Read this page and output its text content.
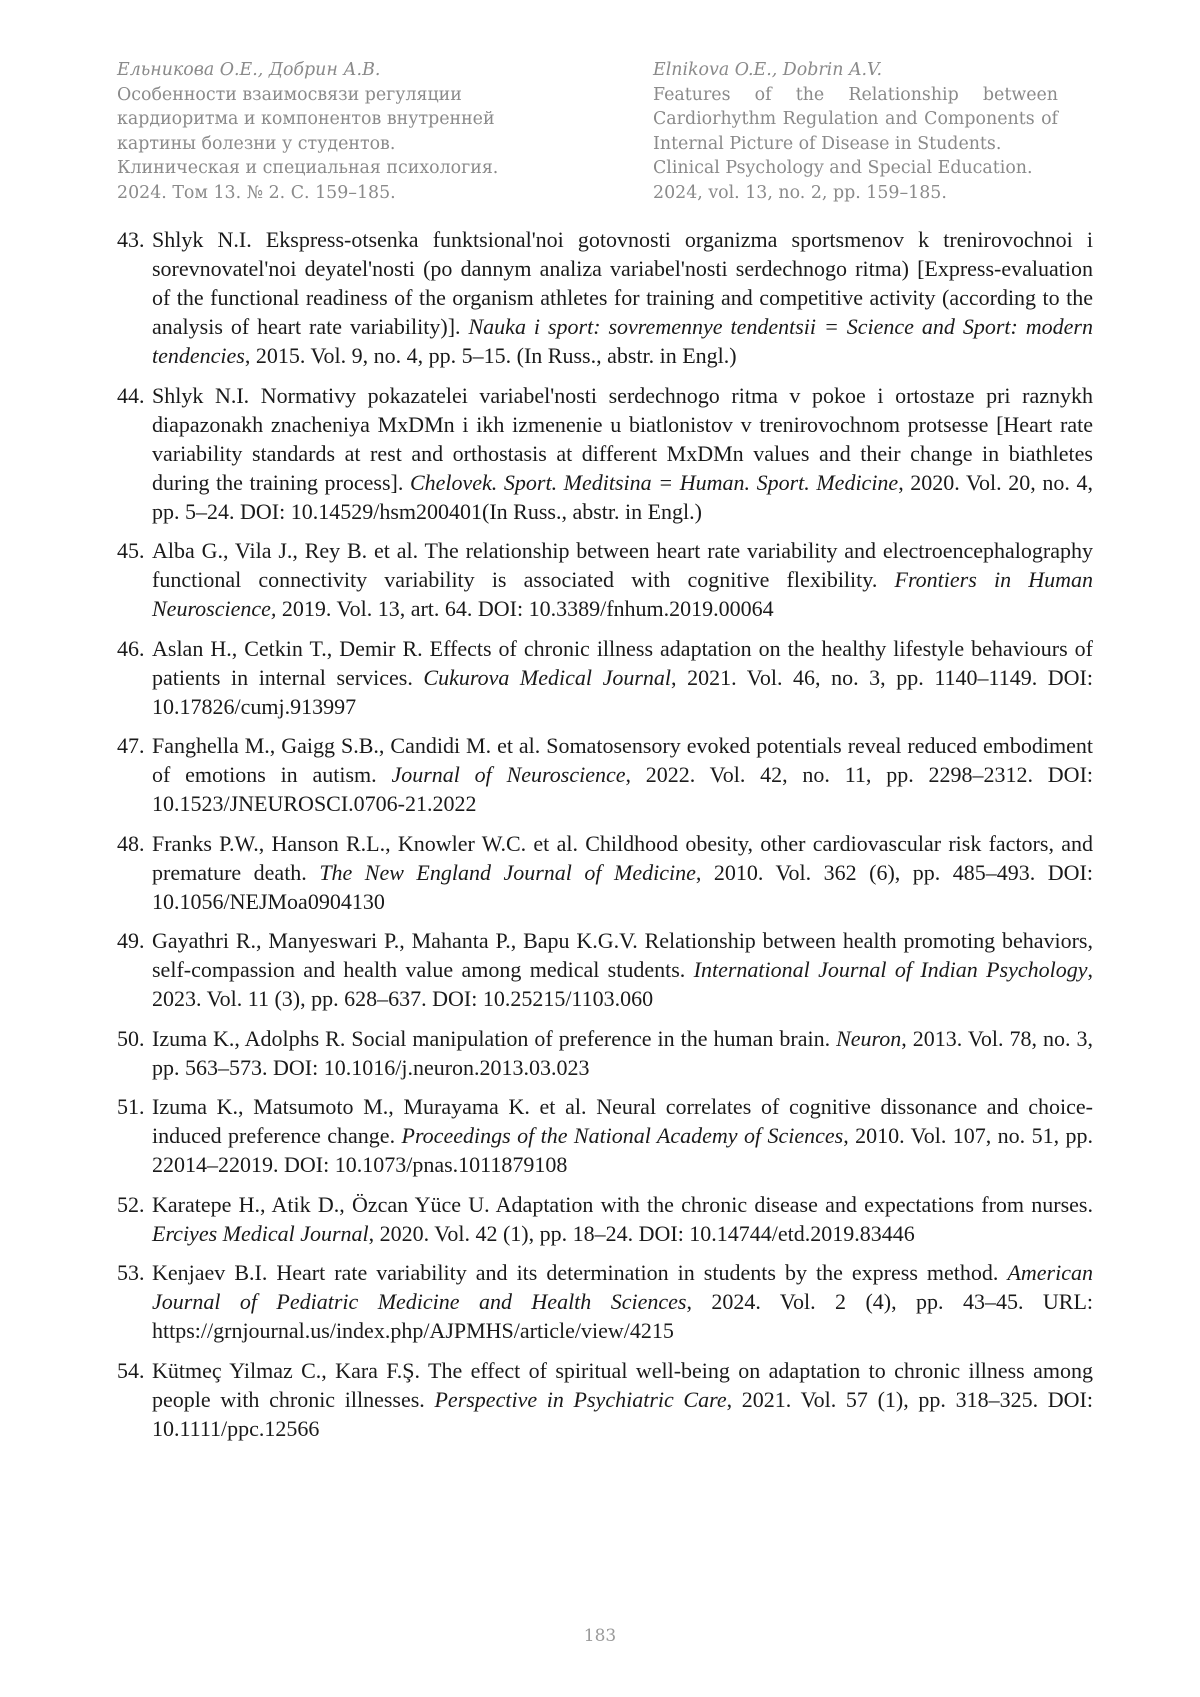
Ельникова О.Е., Добрин А.В.
Особенности взаимосвязи регуляции
кардиоритма и компонентов внутренней
картины болезни у студентов.
Клиническая и специальная психология.
2024. Том 13. № 2. С. 159–185.
Elnikova O.E., Dobrin A.V.
Features of the Relationship between
Cardiorhythm Regulation and Components of
Internal Picture of Disease in Students.
Clinical Psychology and Special Education.
2024, vol. 13, no. 2, pp. 159–185.
43. Shlyk N.I. Ekspress-otsenka funktsional'noi gotovnosti organizma sportsmenov k trenirovochnoi i sorevnovatel'noi deyatel'nosti (po dannym analiza variabel'nosti serdechnogo ritma) [Express-evaluation of the functional readiness of the organism athletes for training and competitive activity (according to the analysis of heart rate variability)]. Nauka i sport: sovremennye tendentsii = Science and Sport: modern tendencies, 2015. Vol. 9, no. 4, pp. 5–15. (In Russ., abstr. in Engl.)
44. Shlyk N.I. Normativy pokazatelei variabel'nosti serdechnogo ritma v pokoe i ortostaze pri raznykh diapazonakh znacheniya MxDMn i ikh izmenenie u biatlonistov v trenirovochnom protsesse [Heart rate variability standards at rest and orthostasis at different MxDMn values and their change in biathletes during the training process]. Chelovek. Sport. Meditsina = Human. Sport. Medicine, 2020. Vol. 20, no. 4, pp. 5–24. DOI: 10.14529/hsm200401(In Russ., abstr. in Engl.)
45. Alba G., Vila J., Rey B. et al. The relationship between heart rate variability and electroencephalography functional connectivity variability is associated with cognitive flexibility. Frontiers in Human Neuroscience, 2019. Vol. 13, art. 64. DOI: 10.3389/fnhum.2019.00064
46. Aslan H., Cetkin T., Demir R. Effects of chronic illness adaptation on the healthy lifestyle behaviours of patients in internal services. Cukurova Medical Journal, 2021. Vol. 46, no. 3, pp. 1140–1149. DOI: 10.17826/cumj.913997
47. Fanghella M., Gaigg S.B., Candidi M. et al. Somatosensory evoked potentials reveal reduced embodiment of emotions in autism. Journal of Neuroscience, 2022. Vol. 42, no. 11, pp. 2298–2312. DOI: 10.1523/JNEUROSCI.0706-21.2022
48. Franks P.W., Hanson R.L., Knowler W.C. et al. Childhood obesity, other cardiovascular risk factors, and premature death. The New England Journal of Medicine, 2010. Vol. 362 (6), pp. 485–493. DOI: 10.1056/NEJMoa0904130
49. Gayathri R., Manyeswari P., Mahanta P., Bapu K.G.V. Relationship between health promoting behaviors, self-compassion and health value among medical students. International Journal of Indian Psychology, 2023. Vol. 11 (3), pp. 628–637. DOI: 10.25215/1103.060
50. Izuma K., Adolphs R. Social manipulation of preference in the human brain. Neuron, 2013. Vol. 78, no. 3, pp. 563–573. DOI: 10.1016/j.neuron.2013.03.023
51. Izuma K., Matsumoto M., Murayama K. et al. Neural correlates of cognitive dissonance and choice-induced preference change. Proceedings of the National Academy of Sciences, 2010. Vol. 107, no. 51, pp. 22014–22019. DOI: 10.1073/pnas.1011879108
52. Karatepe H., Atik D., Özcan Yüce U. Adaptation with the chronic disease and expectations from nurses. Erciyes Medical Journal, 2020. Vol. 42 (1), pp. 18–24. DOI: 10.14744/etd.2019.83446
53. Kenjaev B.I. Heart rate variability and its determination in students by the express method. American Journal of Pediatric Medicine and Health Sciences, 2024. Vol. 2 (4), pp. 43–45. URL: https://grnjournal.us/index.php/AJPMHS/article/view/4215
54. Kütmeç Yilmaz C., Kara F.Ş. The effect of spiritual well-being on adaptation to chronic illness among people with chronic illnesses. Perspective in Psychiatric Care, 2021. Vol. 57 (1), pp. 318–325. DOI: 10.1111/ppc.12566
183
